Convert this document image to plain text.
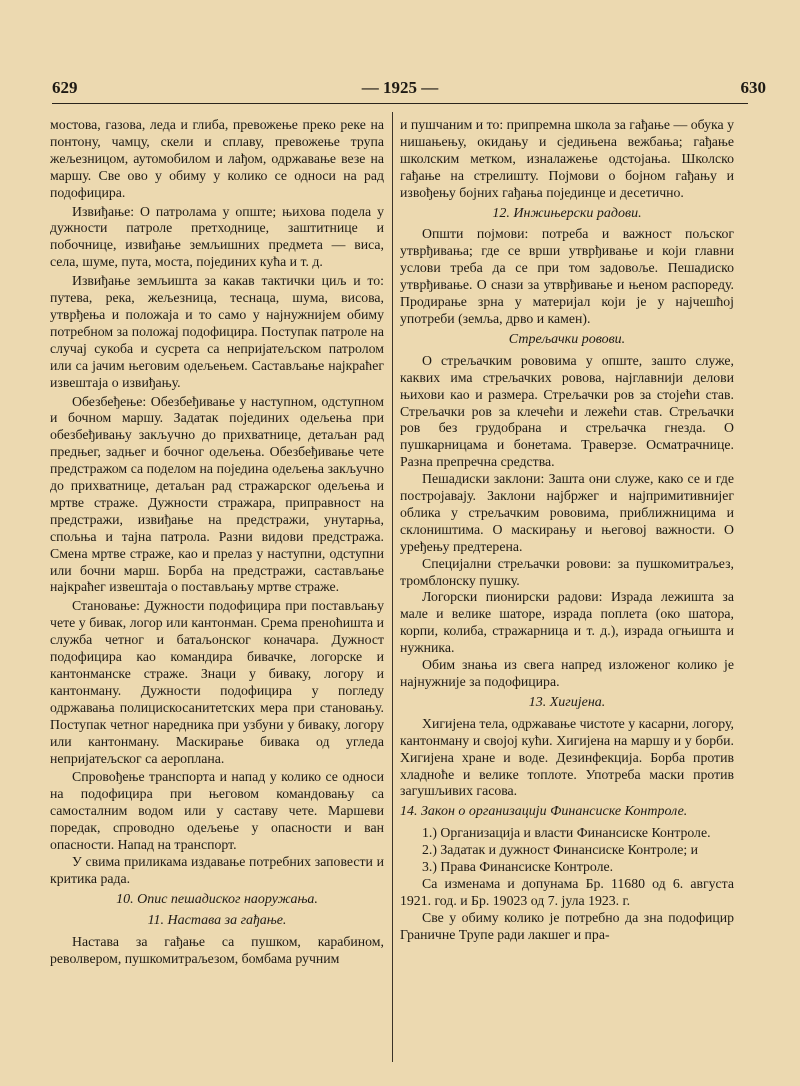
629	— 1925 —	630

мостова, газова, леда и глиба, превожење преко реке на понтону, чамцу, скели и сплаву, превожење трупа жељезницом, аутомобилом и лађом, одржавање везе на маршу. Све ово у обиму у колико се односи на рад подофицира.

Извиђање: О патролама у опште; њихова подела у дужности патроле претходнице, заштитнице и побочнице, извиђање земљишних предмета — виса, села, шуме, пута, моста, појединих кућа и т. д.

Извиђање земљишта за какав тактички циљ и то: путева, река, жељезница, теснаца, шума, висова, утврђења и положаја и то само у најнужнијем обиму потребном за положај подофицира. Поступак патроле на случај сукоба и сусрета са непријатељском патролом или са јачим његовим одељењем. Састављање најкраћег извештаја о извиђању.

Обезбеђење: Обезбеђивање у наступном, одступном и бочном маршу. Задатак појединих одељења при обезбеђивању закључно до прихватнице, детаљан рад предњег, задњег и бочног одељења. Обезбеђивање чете предстражом са поделом на поједина одељења закључно до прихватнице, детаљан рад стражарског одељења и мртве страже. Дужности стражара, приправност на предстражи, извиђање на предстражи, унутарња, спољња и тајна патрола. Разни видови предстража. Смена мртве страже, као и прелаз у наступни, одступни или бочни марш. Борба на предстражи, састављање најкраћег извештаја о постављању мртве страже.

Становање: Дужности подофицира при постављању чете у бивак, логор или кантонман. Срема преноћишта и служба четног и батаљонског коначара. Дужност подофицира као командира бивачке, логорске и кантонманске страже. Знаци у бивaку, логору и кантонману. Дужности подофицира у погледу одржавања полицискосанитетских мера при становању. Поступак четног наредника при узбуни у бивaку, логору или кантонману. Маскирање бивака од углeда непријатељског са аероплана.

Спровођење транспорта и напад у колико се односи на подофицира при његовом командовању са самосталним водом или у саставу чете. Маршеви поредак, спроводно одељење у опасности и ван опасности. Напад на транспорт.

У свима приликама издавање потребних заповести и критика рада.

10. Опис пешадиског наоружања.
11. Настава за гађање.

Настава за гађање са пушком, карабином, револвером, пушкомитраљезом, бомбама ручним

и пушчаним и то: припремна школа за гађање — обука у нишањењу, окидању и сједињена вежбања; гађање школским метком, изналажење одстојања. Школско гађање на стрелишту. Појмови о бојном гађању и извођењу бојних гађања појединце и десетично.

12. Инжињерски радови.

Општи појмови: потреба и важност пољског утврђивања; где се врши утврђивање и који главни услови треба да се при том задовоље. Пешадиско утврђивање. О снази за утврђивање и њеном распореду. Продирање зрна у материјал који је у најчешћој употреби (земља, дрво и камен).

Стрељачки ровови.

О стрељачким рововима у опште, зашто служе, каквих има стрељачких ровова, најглавнији делови њихови као и размера. Стрељачки ров за стојећи став. Стрељачки ров за клечећи и лежећи став. Стрељачки ров без грудобрана и стрељачка гнезда. О пушкарницама и бонетама. Траверзе. Осматрачнице. Разна препречна средства.

Пешадиски заклони: Зашта они служе, како се и где постројавају. Заклони најбржег и најпримитивнијег облика у стрељачким рововима, приближницима и склоништима. О маскирању и његовој важности. О уређењу предтерена.

Специјални стрељачки ровови: за пушкомитраљез, тромблонску пушку.

Логорски пионирски радови: Израда лежишта за мале и велике шаторе, израда поплета (око шатора, корпи, колиба, стражарница и т. д.), израда огњишта и нужника.

Обим знања из свега напред изложеног колико је најнужније за подофицира.

13. Хигијена.

Хигијена тела, одржавање чистоте у касарни, логору, кантонману и својој кући. Хигијена на маршу и у борби. Хигијена хране и воде. Дезинфекција. Борба против хладноће и великe топлоте. Употреба маски против загушљивих гасова.

14. Закон о организацији Финансиске Контроле.

1.) Организација и власти Финансиске Контроле.

2.) Задатак и дужност Финансиске Контроле; и

3.) Права Финансиске Контроле.

Са изменама и допунама Бр. 11680 од 6. августа 1921. год. и Бр. 19023 од 7. јула 1923. г.

Све у обиму колико је потребно да зна подофицир Граничне Трупе ради лакшег и пра-
